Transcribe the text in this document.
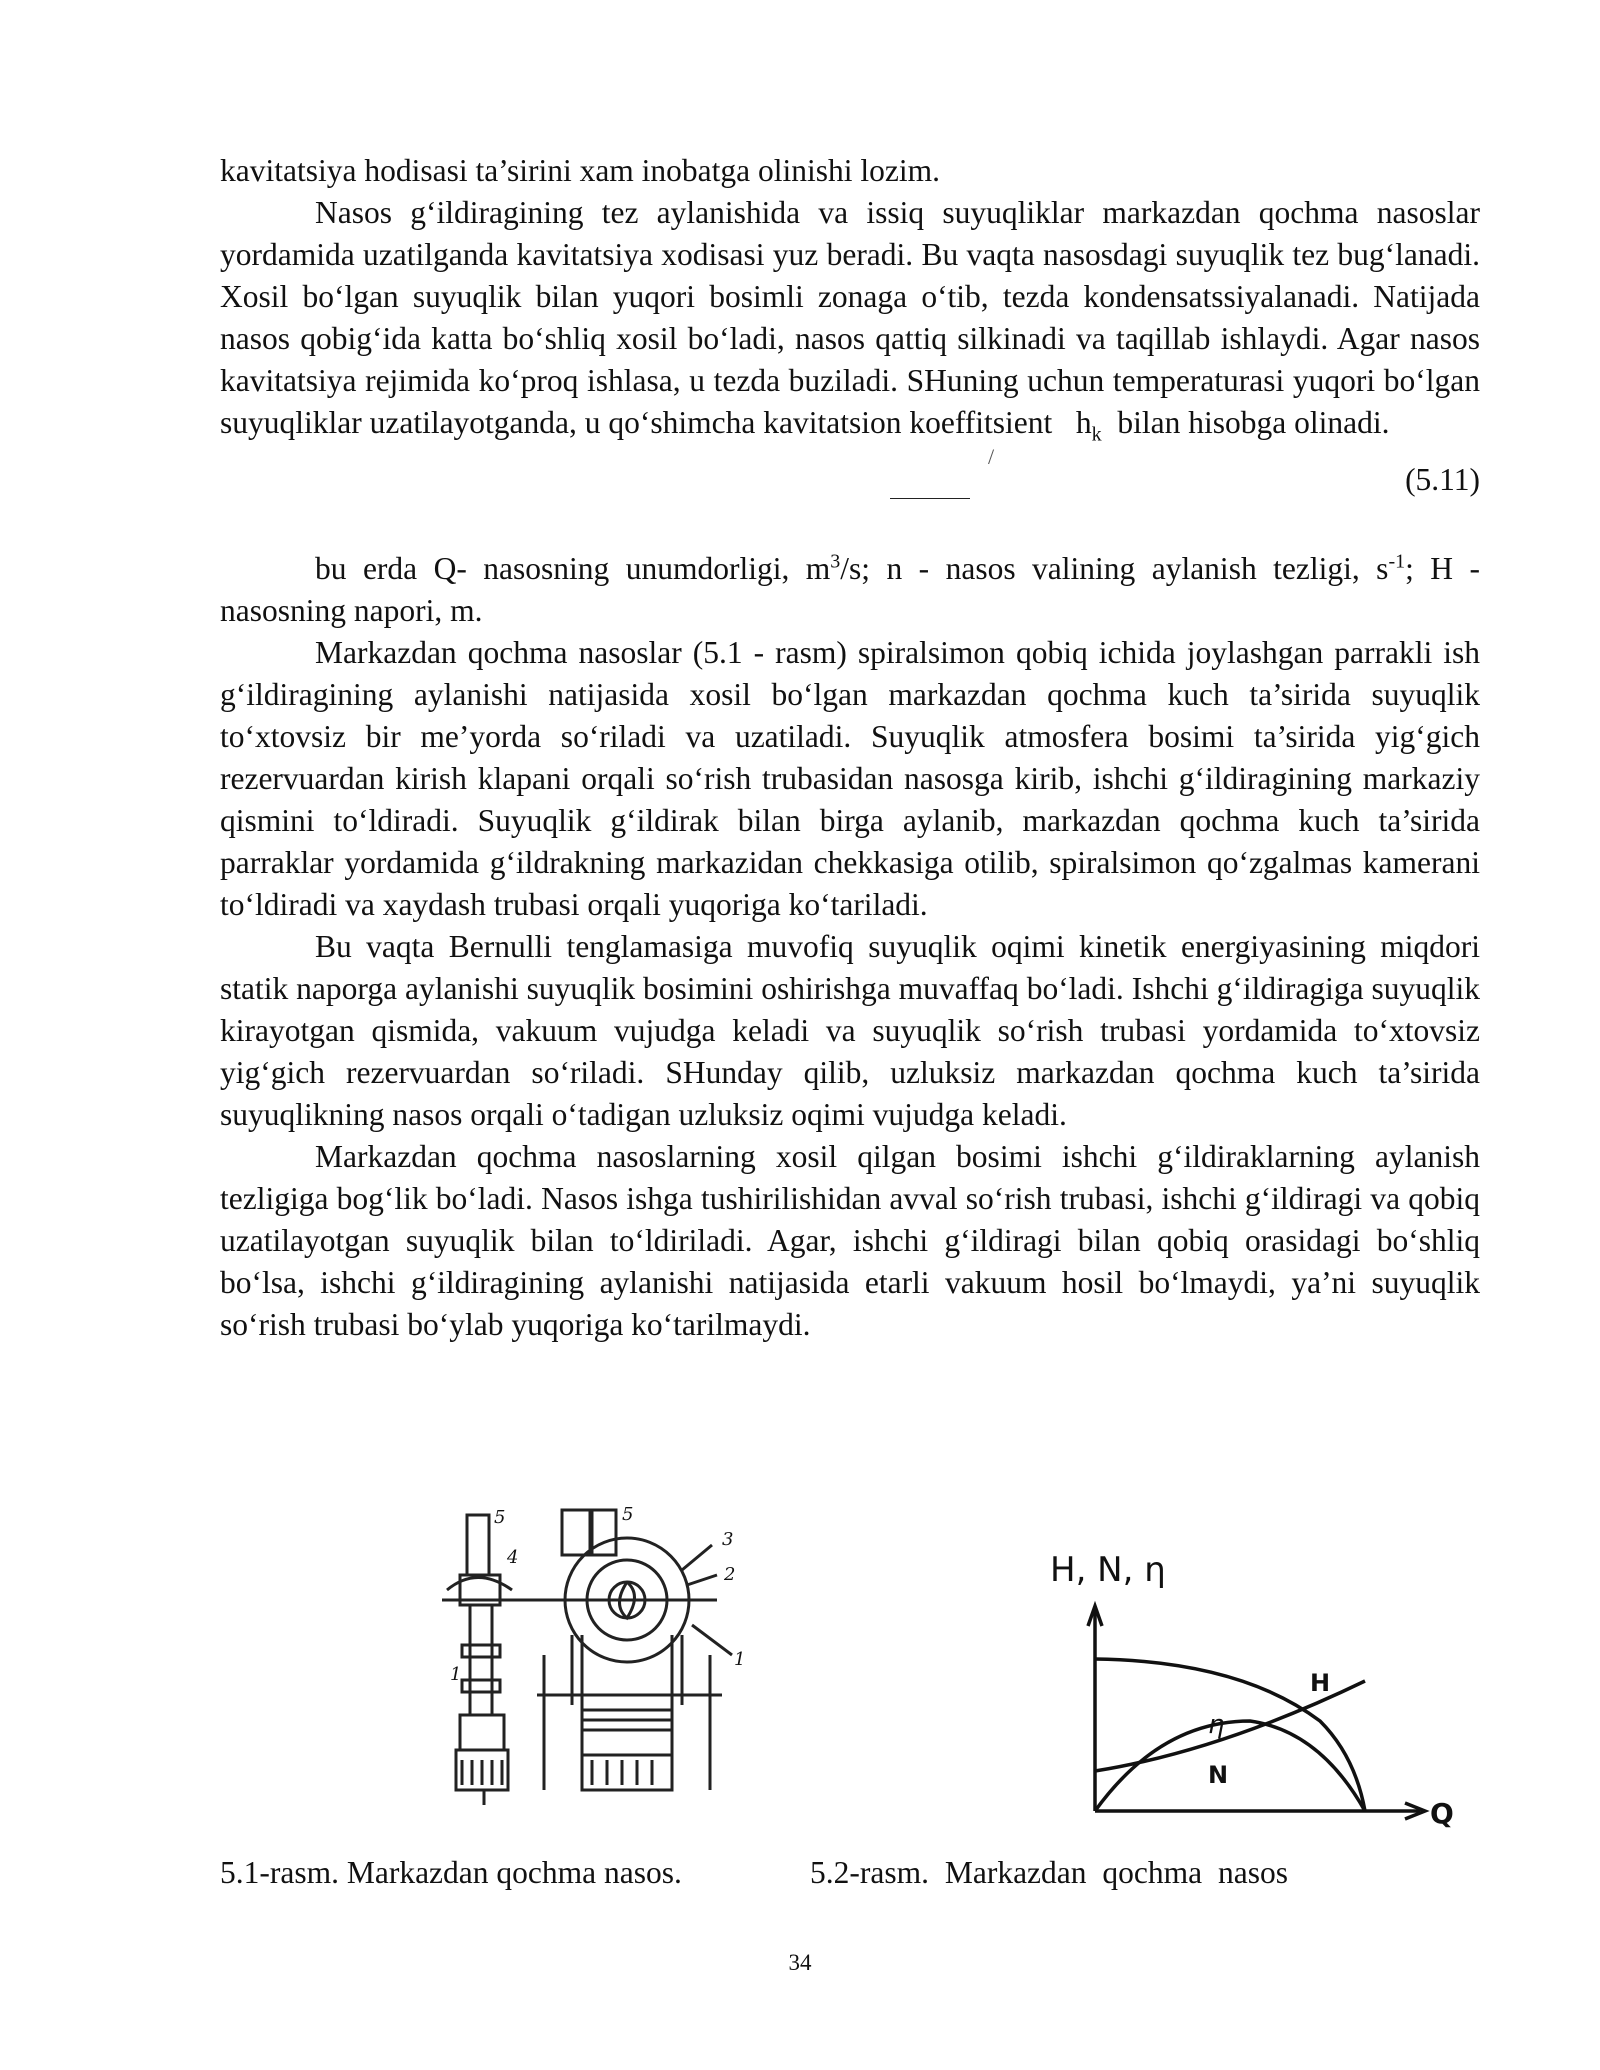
kavitatsiya hodisasi ta’sirini xam inobatga olinishi lozim.

Nasos g‘ildiragining tez aylanishida va issiq suyuqliklar markazdan qochma nasoslar yordamida uzatilganda kavitatsiya xodisasi yuz beradi. Bu vaqta nasosdagi suyuqlik tez bug‘lanadi. Xosil bo‘lgan suyuqlik bilan yuqori bosimli zonaga o‘tib, tezda kondensatssiyalanadi. Natijada nasos qobig‘ida katta bo‘shliq xosil bo‘ladi, nasos qattiq silkinadi va taqillab ishlaydi. Agar nasos kavitatsiya rejimida ko‘proq ishlasa, u tezda buziladi. SHuning uchun temperaturasi yuqori bo‘lgan suyuqliklar uzatilayotganda, u qo‘shimcha kavitatsion koeffitsient $h_k$ bilan hisobga olinadi.

/
(5.11)

bu erda Q- nasosning unumdorligi, $m^3/s$; n - nasos valining aylanish tezligi, $s^{-1}$; H - nasosning napori, m.

Markazdan qochma nasoslar (5.1 - rasm) spiralsimon qobiq ichida joylashgan parrakli ish g‘ildiragining aylanishi natijasida xosil bo‘lgan markazdan qochma kuch ta’sirida suyuqlik to‘xtovsiz bir me’yorda so‘riladi va uzatiladi. Suyuqlik atmosfera bosimi ta’sirida yig‘gich rezervuardan kirish klapani orqali so‘rish trubasidan nasosga kirib, ishchi g‘ildiragining markaziy qismini to‘ldiradi. Suyuqlik g‘ildirak bilan birga aylanib, markazdan qochma kuch ta’sirida parraklar yordamida g‘ildrakning markazidan chekkasiga otilib, spiralsimon qo‘zgalmas kamerani to‘ldiradi va xaydash trubasi orqali yuqoriga ko‘tariladi.

Bu vaqta Bernulli tenglamasiga muvofiq suyuqlik oqimi kinetik energiyasining miqdori statik naporga aylanishi suyuqlik bosimini oshirishga muvaffaq bo‘ladi. Ishchi g‘ildiragiga suyuqlik kirayotgan qismida, vakuum vujudga keladi va suyuqlik so‘rish trubasi yordamida to‘xtovsiz yig‘gich rezervuardan so‘riladi. SHunday qilib, uzluksiz markazdan qochma kuch ta’sirida suyuqlikning nasos orqali o‘tadigan uzluksiz oqimi vujudga keladi.

Markazdan qochma nasoslarning xosil qilgan bosimi ishchi g‘ildiraklarning aylanish tezligiga bog‘lik bo‘ladi. Nasos ishga tushirilishidan avval so‘rish trubasi, ishchi g‘ildiragi va qobiq uzatilayotgan suyuqlik bilan to‘ldiriladi. Agar, ishchi g‘ildiragi bilan qobiq orasidagi bo‘shliq bo‘lsa, ishchi g‘ildiragining aylanishi natijasida etarli vakuum hosil bo‘lmaydi, ya’ni suyuqlik so‘rish trubasi bo‘ylab yuqoriga ko‘tarilmaydi.

5
4
1
5
3
2
1
H, N, η
Q
H
η
N
5.1-rasm. Markazdan qochma nasos.	5.2-rasm. Markazdan qochma nasos
34
